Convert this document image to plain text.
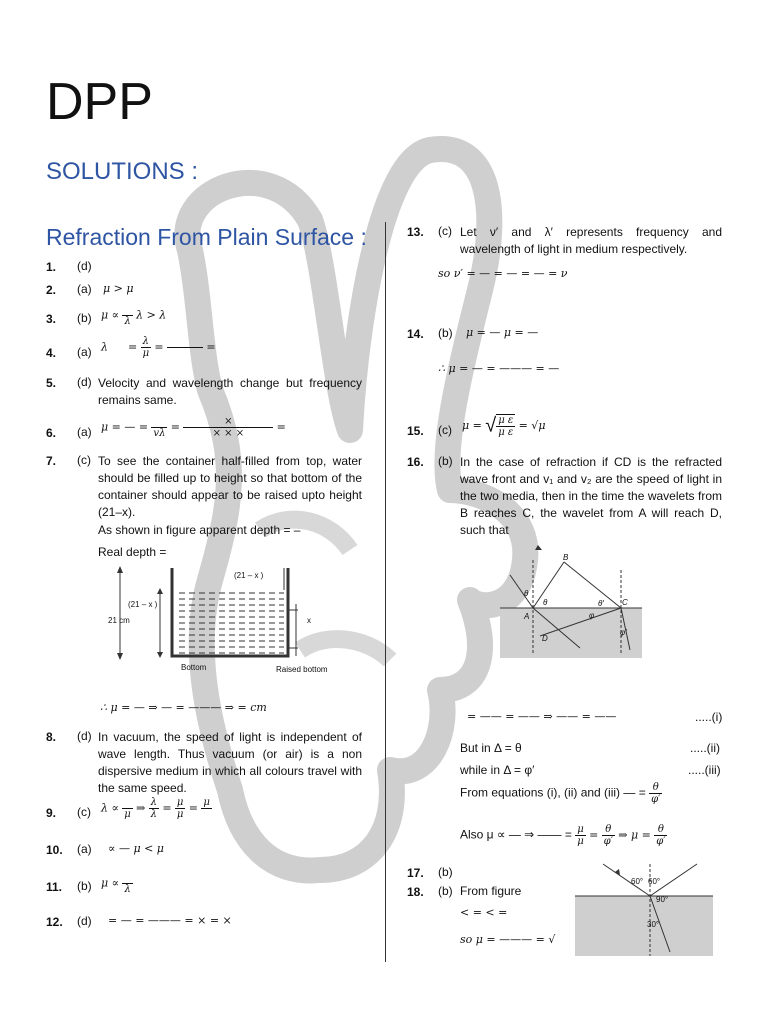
DPP
SOLUTIONS :
Refraction From Plain Surface :
1. (d)
2. (a) μ > μ
3. (b) μ ∝
λ λ > λ
4. (a) $\lambda = \frac{\lambda}{\mu}$ =

	=
5. (d) Velocity and wavelength change but frequency remains same.
6. (a) μ = — =
$v\lambda = \frac{\times}{\times \times \times}$ =
7. (c) To see the container half-filled from top, water should be filled up to height so that bottom of the container should appear to be raised upto height (21–x).
As shown in figure apparent depth = –
Real depth =
(21 – x )
(21 – x )
21 cm	x
Bottom	Raised bottom
∴ μ = — ⇒ — = ——— ⇒ = cm
8. (d) In vacuum, the speed of light is independent of wave length. Thus vacuum (or air) is a non dispersive medium in which all colours travel with the same speed.
9. (c) λ ∝
μ ⇒ $\frac{\lambda}{\lambda} = \frac{\mu}{\mu} = \mu$

10. (a) ∝ — μ < μ
11. (b) μ ∝
λ
12. (d) = — = ——— = × = ×
13. (c) Let ν′ and λ′ represents frequency and wavelength of light in medium respectively.
so ν′ = — = — = — = ν
14. (b) μ = — μ = —
∴ μ = — = ——— = —
15. (c) μ = √ $\frac{\text{μ ε}}{\text{μ ε}} = √\mu$
16. (b) In the case of refraction if CD is the refracted wave front and v₁ and v₂ are the speed of light in the two media, then in the time the wavelets from B reaches C, the wavelet from A will reach D, such that
B
C
A
D
θ
θ	θ′
φ
φ′
= —— = —— ⇒ —— = ——	.....(i)
But in Δ = θ	.....(ii)
while in Δ = φ′	.....(iii)
From equations (i), (ii) and (iii) — = $\frac{\theta}{\varphi'}$
Also μ ∝ — ⇒ —— = $\frac{\mu}{\mu} = \frac{\theta}{\varphi'}$ ⇒ $\mu = \frac{\theta}{\varphi'}$
17. (b)
18. (b) From figure
< = < =
so μ = ——— = √
60° 60°
90°
30°
